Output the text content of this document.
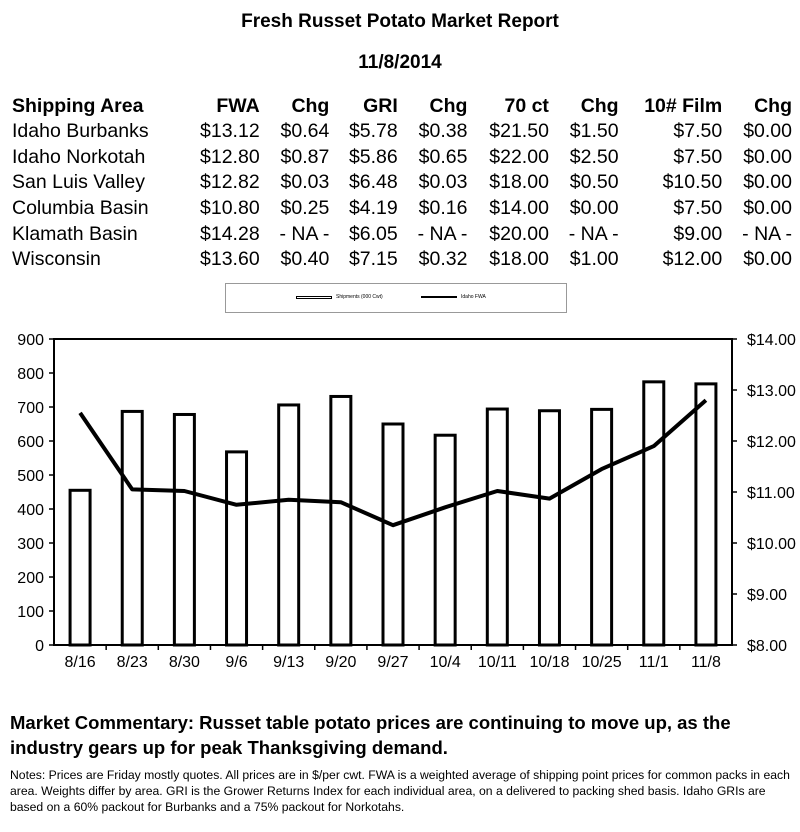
Fresh Russet Potato Market Report
11/8/2014
Shipping Area	FWA	Chg	GRI	Chg	70 ct	Chg	10# Film	Chg
Idaho Burbanks	$13.12	$0.64	$5.78	$0.38	$21.50	$1.50	$7.50	$0.00
Idaho Norkotah	$12.80	$0.87	$5.86	$0.65	$22.00	$2.50	$7.50	$0.00
San Luis Valley	$12.82	$0.03	$6.48	$0.03	$18.00	$0.50	$10.50	$0.00
Columbia Basin	$10.80	$0.25	$4.19	$0.16	$14.00	$0.00	$7.50	$0.00
Klamath Basin	$14.28	- NA -	$6.05	- NA -	$20.00	- NA -	$9.00	- NA -
Wisconsin	$13.60	$0.40	$7.15	$0.32	$18.00	$1.00	$12.00	$0.00
Shipments (000 Cwt)	Idaho FWA
0
100
200
300
400
500
600
700
800
900
$8.00
$9.00
$10.00
$11.00
$12.00
$13.00
$14.00
8/16 8/23 8/30 9/6 9/13 9/20 9/27 10/4 10/11 10/18 10/25 11/1 11/8
Market Commentary: Russet table potato prices are continuing to move up, as the industry gears up for peak Thanksgiving demand.
Notes: Prices are Friday mostly quotes. All prices are in $/per cwt. FWA is a weighted average of shipping point prices for common packs in each area. Weights differ by area. GRI is the Grower Returns Index for each individual area, on a delivered to packing shed basis. Idaho GRIs are based on a 60% packout for Burbanks and a 75% packout for Norkotahs.
